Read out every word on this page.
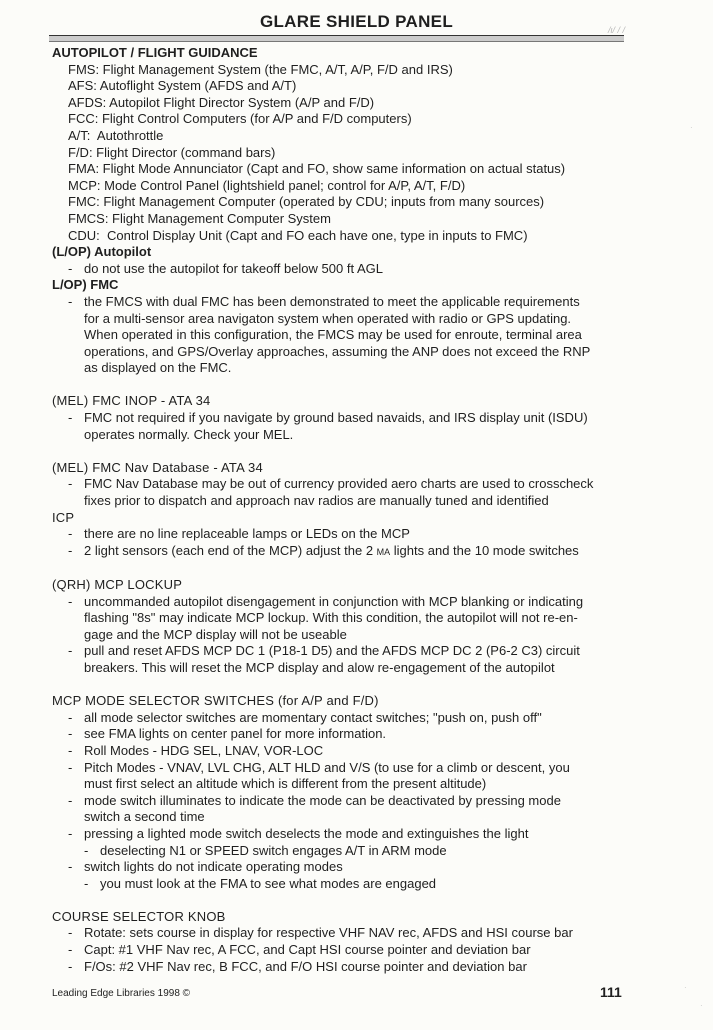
GLARE SHIELD PANEL	/ι/ / /
AUTOPILOT / FLIGHT GUIDANCE
FMS: Flight Management System (the FMC, A/T, A/P, F/D and IRS)
AFS: Autoflight System (AFDS and A/T)
AFDS: Autopilot Flight Director System (A/P and F/D)
FCC: Flight Control Computers (for A/P and F/D computers)
A/T:  Autothrottle
F/D: Flight Director (command bars)
FMA: Flight Mode Annunciator (Capt and FO, show same information on actual status)
MCP: Mode Control Panel (lightshield panel; control for A/P, A/T, F/D)
FMC: Flight Management Computer (operated by CDU; inputs from many sources)
FMCS: Flight Management Computer System
CDU:  Control Display Unit (Capt and FO each have one, type in inputs to FMC)
(L/OP) Autopilot
- do not use the autopilot for takeoff below 500 ft AGL
L/OP) FMC
- the FMCS with dual FMC has been demonstrated to meet the applicable requirements
for a multi-sensor area navigaton system when operated with radio or GPS updating.
When operated in this configuration, the FMCS may be used for enroute, terminal area
operations, and GPS/Overlay approaches, assuming the ANP does not exceed the RNP
as displayed on the FMC.
(MEL) FMC INOP - ATA 34
- FMC not required if you navigate by ground based navaids, and IRS display unit (ISDU)
operates normally. Check your MEL.
(MEL) FMC Nav Database - ATA 34
- FMC Nav Database may be out of currency provided aero charts are used to crosscheck
fixes prior to dispatch and approach nav radios are manually tuned and identified
ICP
- there are no line replaceable lamps or LEDs on the MCP
- 2 light sensors (each end of the MCP) adjust the 2 MA lights and the 10 mode switches
(QRH) MCP LOCKUP
- uncommanded autopilot disengagement in conjunction with MCP blanking or indicating
flashing "8s" may indicate MCP lockup. With this condition, the autopilot will not re-en-
gage and the MCP display will not be useable
- pull and reset AFDS MCP DC 1 (P18-1 D5) and the AFDS MCP DC 2 (P6-2 C3) circuit
breakers. This will reset the MCP display and alow re-engagement of the autopilot
MCP MODE SELECTOR SWITCHES (for A/P and F/D)
- all mode selector switches are momentary contact switches; "push on, push off"
- see FMA lights on center panel for more information.
- Roll Modes - HDG SEL, LNAV, VOR-LOC
- Pitch Modes - VNAV, LVL CHG, ALT HLD and V/S (to use for a climb or descent, you
must first select an altitude which is different from the present altitude)
- mode switch illuminates to indicate the mode can be deactivated by pressing mode
switch a second time
- pressing a lighted mode switch deselects the mode and extinguishes the light
- deselecting N1 or SPEED switch engages A/T in ARM mode
- switch lights do not indicate operating modes
- you must look at the FMA to see what modes are engaged
COURSE SELECTOR KNOB
- Rotate: sets course in display for respective VHF NAV rec, AFDS and HSI course bar
- Capt: #1 VHF Nav rec, A FCC, and Capt HSI course pointer and deviation bar
- F/Os: #2 VHF Nav rec, B FCC, and F/O HSI course pointer and deviation bar
Leading Edge Libraries 1998 ©	111
·
·
·
